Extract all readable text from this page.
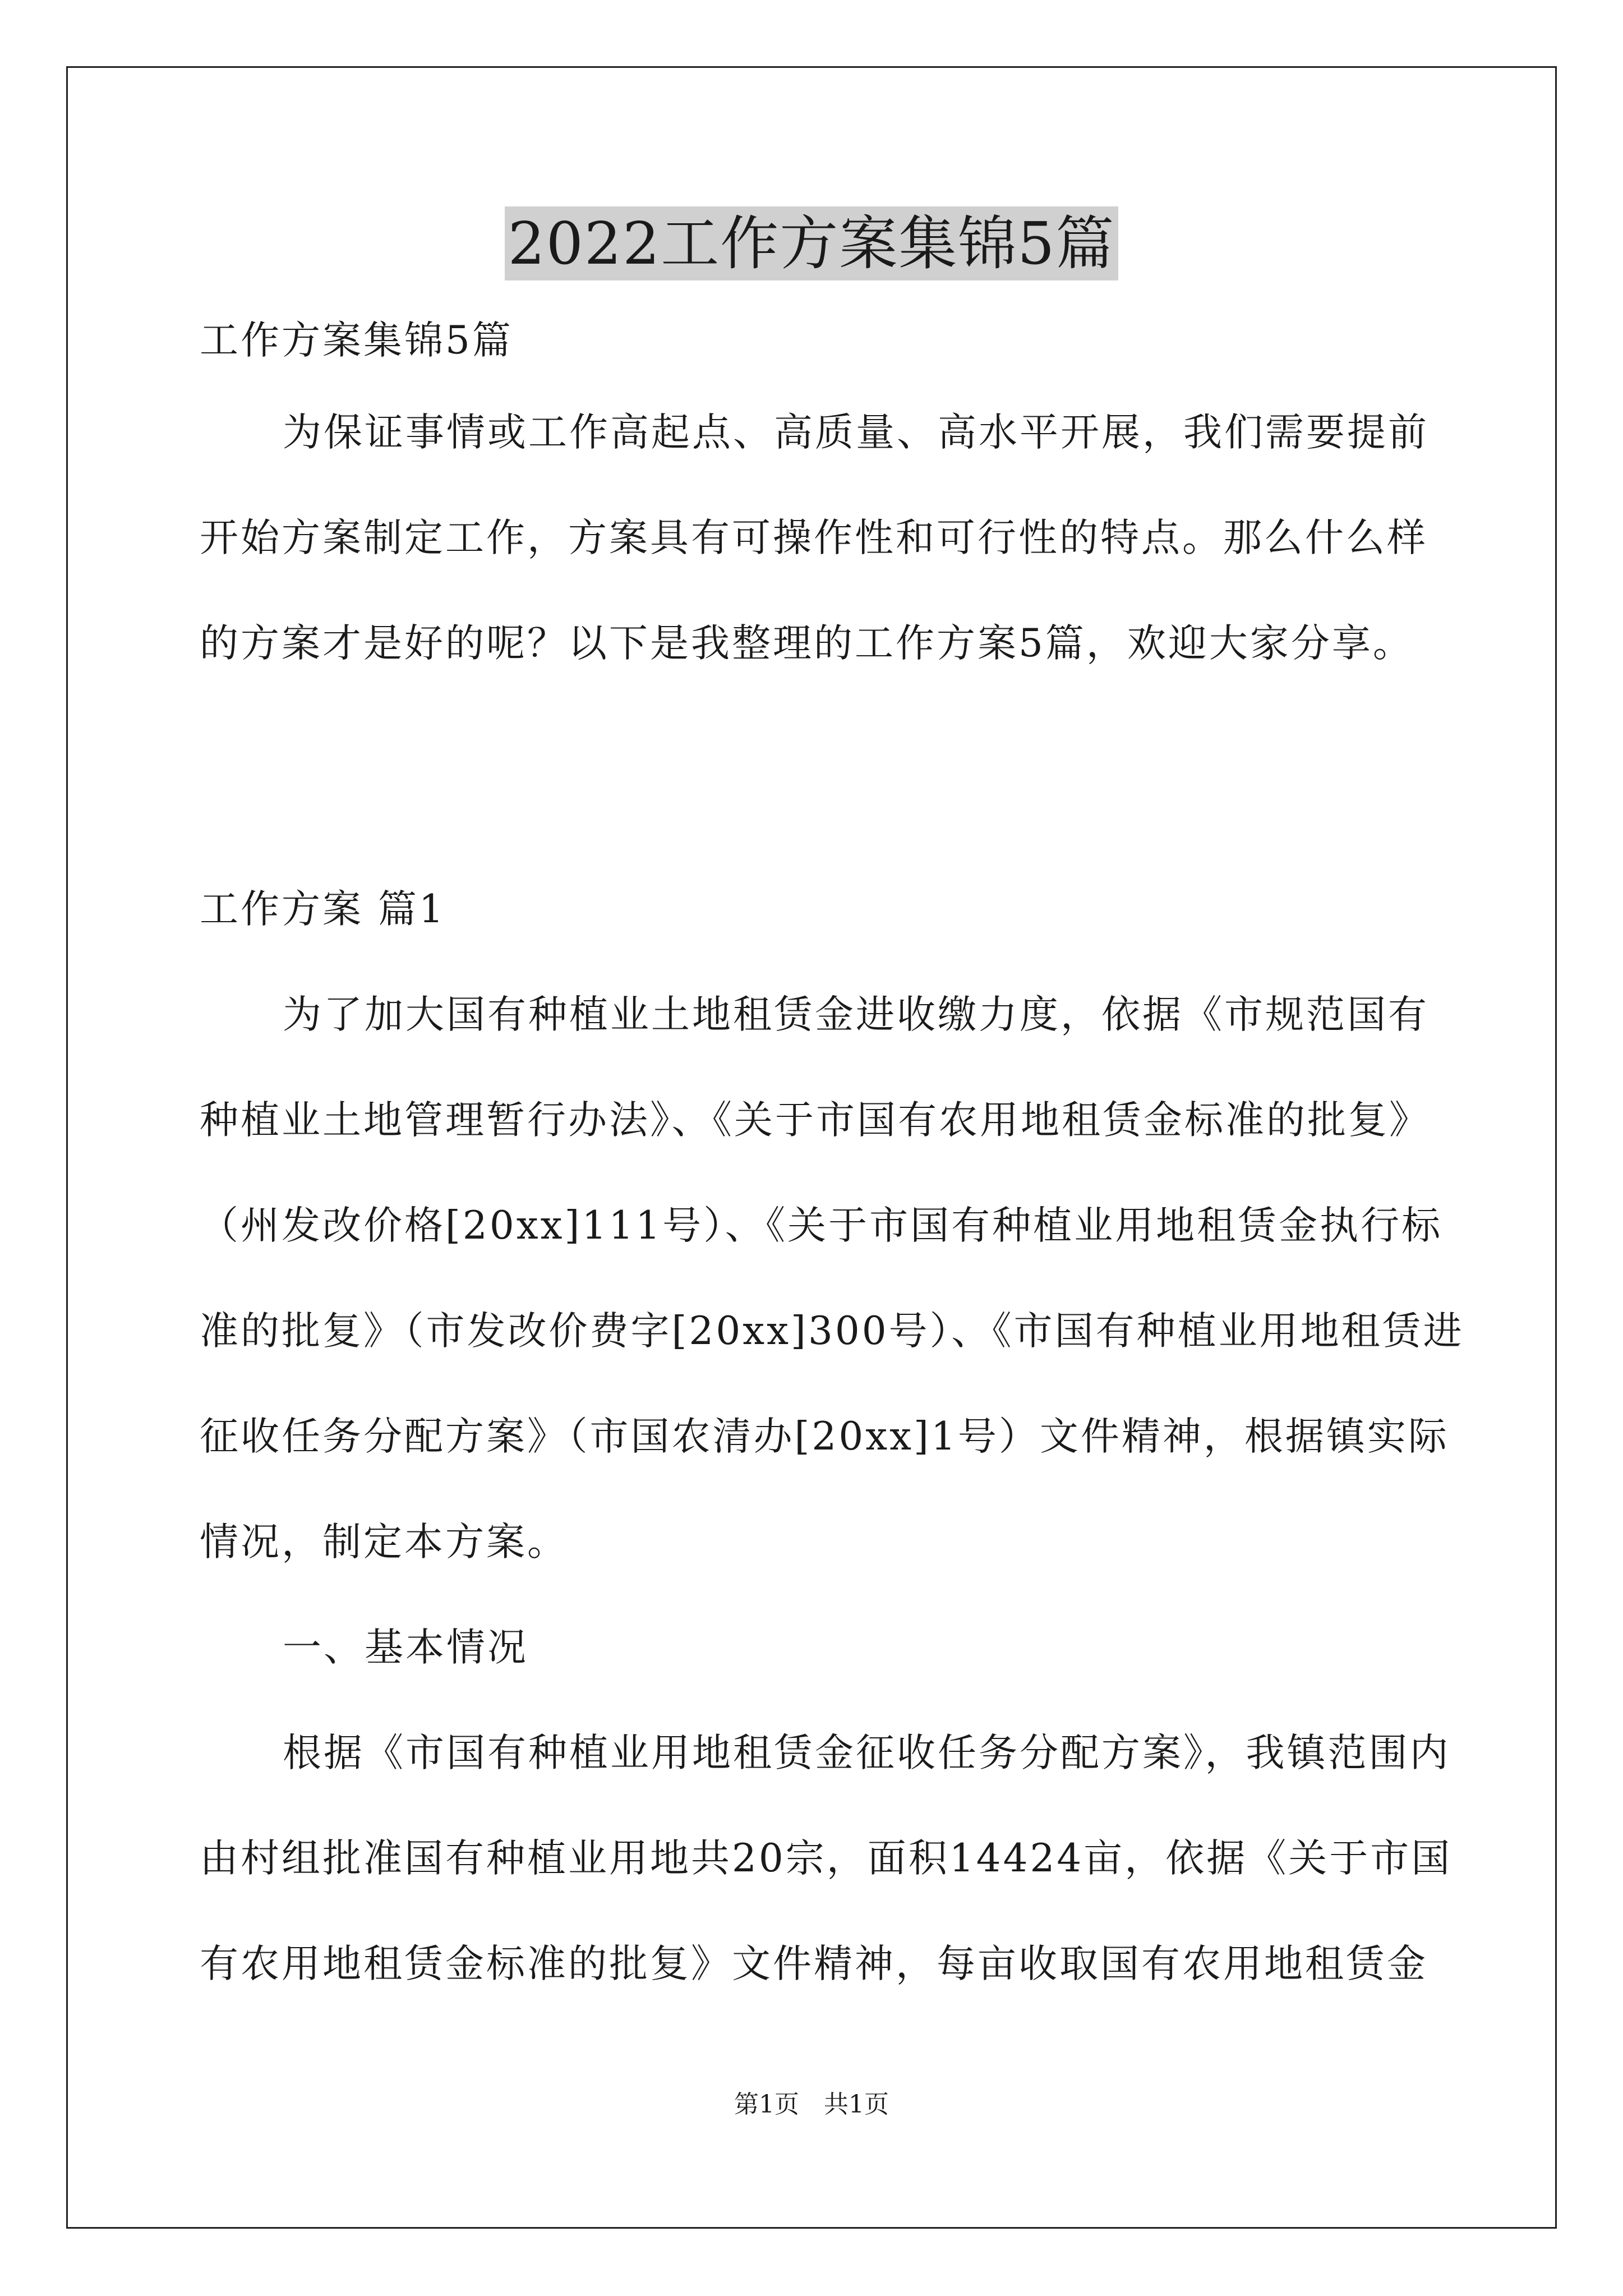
2022工作方案集锦5篇

工作方案集锦5篇

为保证事情或工作高起点、高质量、高水平开展，我们需要提前

开始方案制定工作，方案具有可操作性和可行性的特点。那么什么样

的方案才是好的呢？以下是我整理的工作方案5篇，欢迎大家分享。

工作方案 篇1

为了加大国有种植业土地租赁金进收缴力度，依据《市规范国有

种植业土地管理暂行办法》、《关于市国有农用地租赁金标准的批复》

（州发改价格[20xx]111号）、《关于市国有种植业用地租赁金执行标

准的批复》（市发改价费字[20xx]300号）、《市国有种植业用地租赁进

征收任务分配方案》（市国农清办[20xx]1号）文件精神，根据镇实际

情况，制定本方案。

一、基本情况

根据《市国有种植业用地租赁金征收任务分配方案》，我镇范围内

由村组批准国有种植业用地共20宗，面积14424亩，依据《关于市国

有农用地租赁金标准的批复》文件精神，每亩收取国有农用地租赁金

第1页　共1页
